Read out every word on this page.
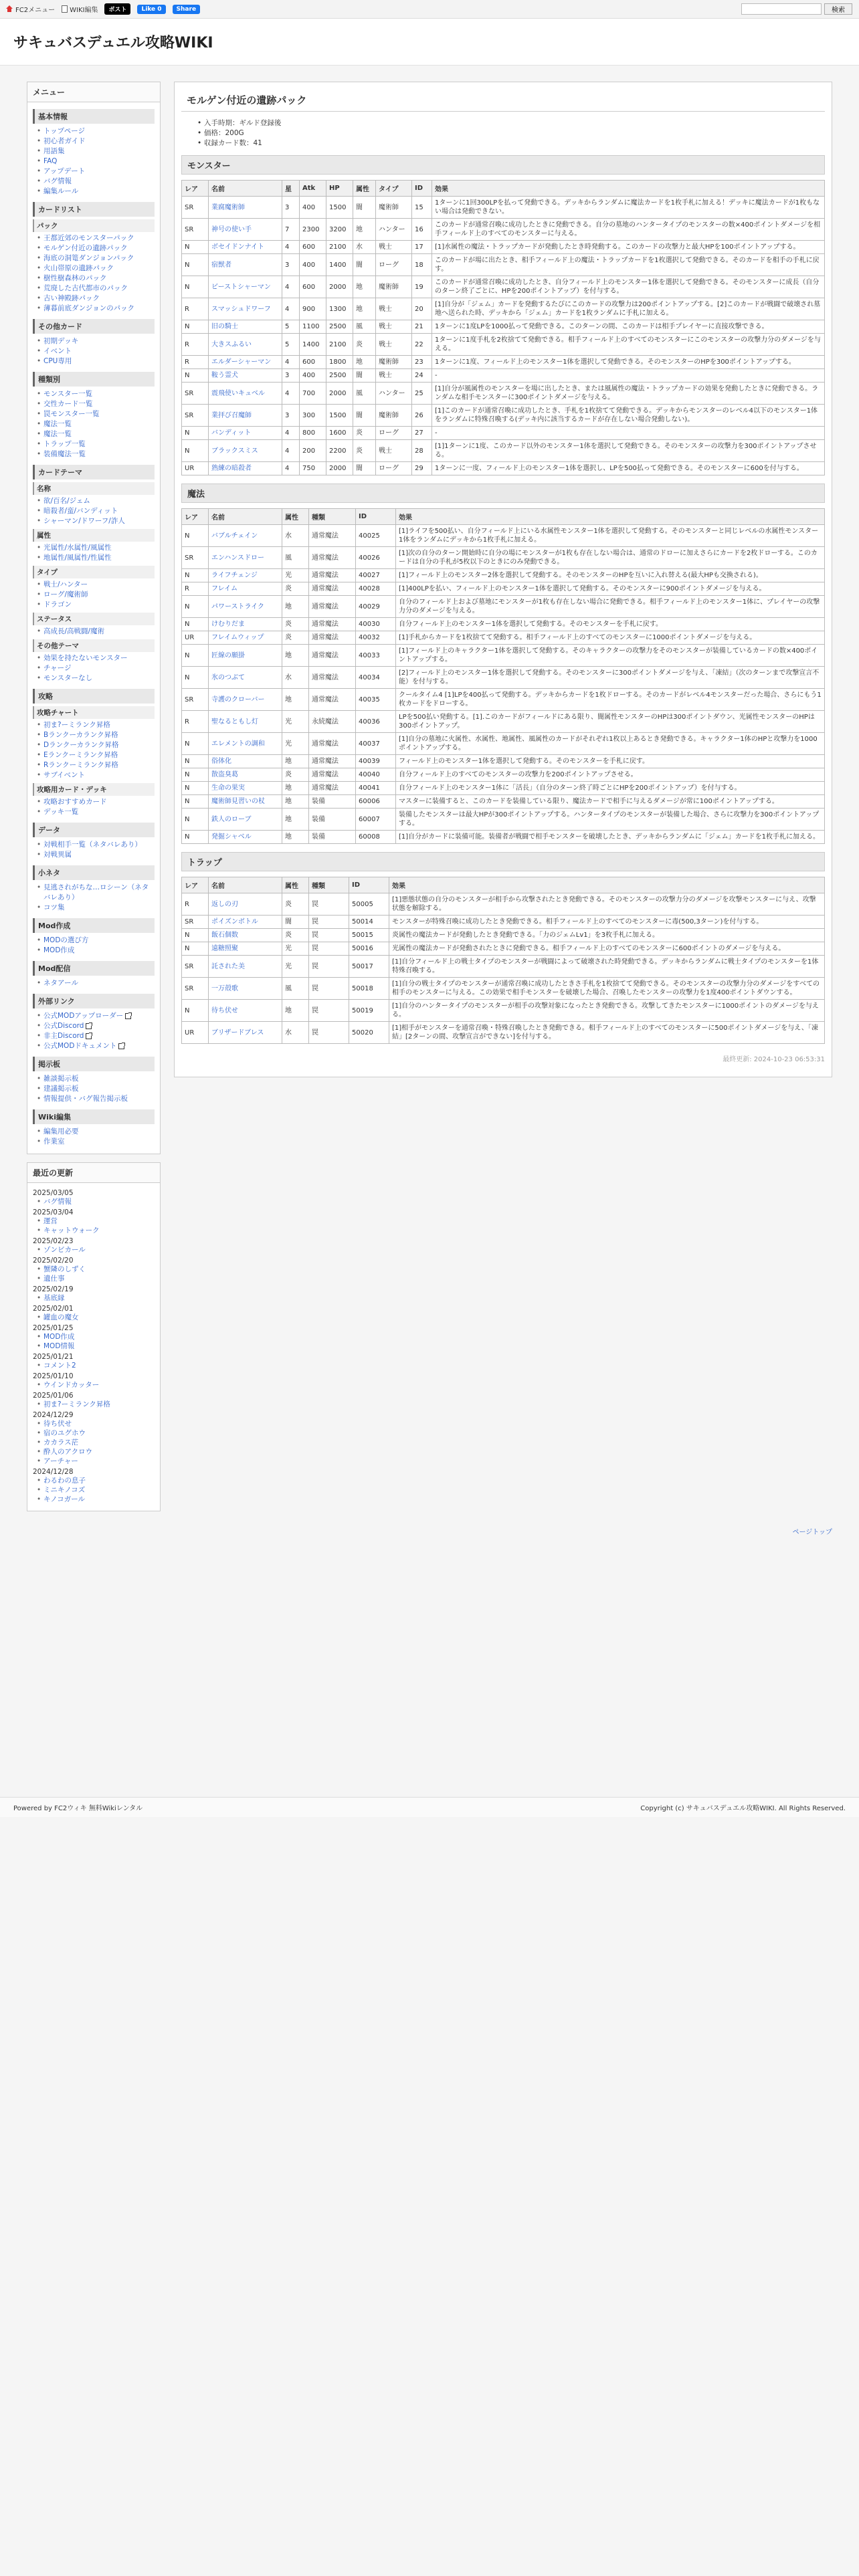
FC2メニュー WIKI編集	ポスト	Like 0	Share	検索
サキュバスデュエル攻略WIKI
メニュー
基本情報
• トップページ
• 初心者ガイド
• 用語集
• FAQ
• アップデート
• バグ情報
• 編集ルール
カードリスト
パック
• 王都近郊のモンスターパック
• モルゲン付近の遺跡パック
• 海底の洞篭ダンジョンパック
• 火山帯原の遺跡パック
• 樹性樹森林のパック
• 荒廃した古代都市のパック
• 古い神殿跡パック
• 薄暮前底ダンジョンのパック
その他カード
• 初期デッキ
• イベント
• CPU専用
種類別
• モンスター一覧
• 交性カード一覧
• 罠モンスター一覧
• 魔法一覧
• 魔法一覧
• トラップ一覧
• 装備魔法一覧
カードテーマ
名称
• 欲/百名/ジェム
• 暗殺者/蛮/バンディット
• シャーマン/ドワーフ/詐人
属性
• 光属性/水属性/風属性
• 地属性/風属性/性属性
タイプ
• 戦士/ハンター
• ローグ/魔術師
• ドラゴン
ステータス
• 高成長/高戦闘/魔術
その他テーマ
• 効果を持たないモンスター
• チャージ
• モンスターなし
攻略
攻略チャート
• 初ま?ーミランク昇格
• Bランクーカランク昇格
• Dランクーカランク昇格
• Eランクーミランク昇格
• Rランクーミランク昇格
• サブイベント
攻略用カード・デッキ
• 攻略おすすめカード
• デッキ一覧
データ
• 対戦相手一覧（ネタバレあり）
• 対戦異属
小ネタ
• 見逃されがちな…ロシーン（ネタバレあり）
• コツ集
Mod作成
• MODの選び方
• MOD作成
Mod配信
• ネタアール
外部リンク
• 公式MODアップローダー
• 公式Discord
• 非主Discord
• 公式MODドキュメント
掲示板
• 雑談掲示板
• 建議掲示板
• 情報提供・バグ報告掲示板
Wiki編集
• 編集用必要
• 作業室
最近の更新
2025/03/05
• バグ情報
2025/03/04
• 運営
• キャットウォーク
2025/02/23
• ゾンビカール
2025/02/20
• 蟹隣のしずく
• 遺仕事
2025/02/19
• 基底縁
2025/02/01
• 罐血の魔女
2025/01/25
• MOD作成
• MOD情報
2025/01/21
• コメント2
2025/01/10
• ウインドカッター
2025/01/06
• 初ま?ーミランク昇格
2024/12/29
• 待ち伏せ
• 宿のユグホウ
• カカラス茫
• 酔人のアクロウ
• アーチャー
2024/12/28
• わるわの息子
• ミニキノコズ
• キノコガール
モルゲン付近の遺跡パック
• 入手時期：ギルド登録後
• 価格：200G
• 収録カード数：41
モンスター
レア	名前	星	Atk	HP	属性	タイプ	ID	効果
SR	業腐魔術師	3	400	1500	闇	魔術師	15	1ターンに1回300LPを払って発動できる。デッキからランダムに魔法カードを1枚手札に加える！デッキに魔法カードが1枚もない場合は発動できない。
SR	神号の使い手	7	2300	3200	地	ハンター	16	このカードが通常召喚に成功したときに発動できる。自分の墓地のハンタータイプのモンスターの数×400ポイントダメージを相手フィールド上のすべてのモンスターに与える。
N	ボセイドンナイト	4	600	2100	水	戦士	17	[1]水属性の魔法・トラップカードが発動したとき時発動する。このカードの攻撃力と最大HPを100ポイントアップする。
N	宿獣者	3	400	1400	闇	ローグ	18	このカードが場に出たとき、相手フィールド上の魔法・トラップカードを1枚選択して発動できる。そのカードを相手の手札に戻す。
N	ビーストシャーマン	4	600	2000	地	魔術師	19	このカードが通常召喚に成功したとき、自分フィールド上のモンスター1体を選択して発動できる。そのモンスターに成長（自分のターン終了ごとに、HPを200ポイントアップ）を付与する。
R	スマッシュドワーフ	4	900	1300	地	戦士	20	[1]自分が「ジェム」カードを発動するたびにこのカードの攻撃力は200ポイントアップする。[2]このカードが戦闘で破壊され墓地へ送られた時、デッキから「ジェム」カードを1枚ランダムに手札に加える。
N	旧の騎士	5	1100	2500	風	戦士	21	1ターンに1度LPを1000払って発動できる。このターンの間、このカードは相手プレイヤーに直接攻撃できる。
R	大きスふるい	5	1400	2100	炎	戦士	22	1ターンに1度手札を2枚捨てて発動できる。相手フィールド上のすべてのモンスターにこのモンスターの攻撃力分のダメージを与える。
R	エルダーシャーマン	4	600	1800	地	魔術師	23	1ターンに1度、フィールド上のモンスター1体を選択して発動できる。そのモンスターのHPを300ポイントアップする。
N	鞍う霊犬	3	400	2500	闇	戦士	24	-
SR	震飛使いキュベル	4	700	2000	風	ハンター	25	[1]自分が風属性のモンスターを場に出したとき、または風属性の魔法・トラップカードの効果を発動したときに発動できる。ランダムな相手モンスターに300ポイントダメージを与える。
SR	業拝び召魔師	3	300	1500	闇	魔術師	26	[1]このカードが通常召喚に成功したとき、手札を1枚捨てて発動できる。デッキからモンスターのレベル4以下のモンスター1体をランダムに特殊召喚する(デッキ内に該当するカードが存在しない場合発動しない)。
N	バンディット	4	800	1600	炎	ローグ	27	-
N	ブラックスミス	4	200	2200	炎	戦士	28	[1]1ターンに1度、このカード以外のモンスター1体を選択して発動できる。そのモンスターの攻撃力を300ポイントアップさせる。
UR	熟練の暗殺者	4	750	2000	闇	ローグ	29	1ターンに一度、フィールド上のモンスター1体を選択し、LPを500払って発動できる。そのモンスターに600を付与する。
魔法
レア	名前	属性	種類	ID	効果
N	バブルチェイン	水	通常魔法	40025	[1]ライフを500払い、自分フィールド上にいる水属性モンスター1体を選択して発動する。そのモンスターと同じレベルの水属性モンスター1体をランダムにデッキから1枚手札に加える。
SR	エンハンスドロー	風	通常魔法	40026	[1]次の自分のターン開始時に自分の場にモンスターが1枚も存在しない場合は、通常のドローに加えさらにカードを2枚ドローする。このカードは自分の手札が5枚以下のときにのみ発動できる。
N	ライフチェンジ	光	通常魔法	40027	[1]フィールド上のモンスター2体を選択して発動する。そのモンスターのHPを互いに入れ替える(最大HPも交換される)。
R	フレイム	炎	通常魔法	40028	[1]400LPを払い、フィールド上のモンスター1体を選択して発動する。そのモンスターに900ポイントダメージを与える。
N	パワーストライク	地	通常魔法	40029	自分のフィールド上および墓地にモンスターが1枚も存在しない場合に発動できる。相手フィールド上のモンスター1体に、プレイヤーの攻撃力分のダメージを与える。
N	けむりだま	炎	通常魔法	40030	自分フィールド上のモンスター1体を選択して発動する。そのモンスターを手札に戻す。
UR	フレイムウィップ	炎	通常魔法	40032	[1]手札からカードを1枚捨てて発動する。相手フィールド上のすべてのモンスターに1000ポイントダメージを与える。
N	匠線の願掛	地	通常魔法	40033	[1]フィールド上のキャラクター1体を選択して発動する。そのキャラクターの攻撃力をそのモンスターが装備しているカードの数×400ポイントアップする。
N	氷のつぶて	水	通常魔法	40034	[2]フィールド上のモンスター1体を選択して発動する。そのモンスターに300ポイントダメージを与え、「凍結」（次のターンまで攻撃宣言不能）を付与する。
SR	寺護のクローバー	地	通常魔法	40035	クールタイム4 [1]LPを400払って発動する。デッキからカードを1枚ドローする。そのカードがレベル4モンスターだった場合、さらにもう1枚カードをドローする。
R	聖なるともし灯	光	永続魔法	40036	LPを500払い発動する。[1].このカードがフィールドにある限り、闇属性モンスターのHPは300ポイントダウン、光属性モンスターのHPは300ポイントアップ。
N	エレメントの調和	光	通常魔法	40037	[1]自分の墓地に火属性、水属性、地属性、風属性のカードがそれぞれ1枚以上あるとき発動できる。キャラクター1体のHPと攻撃力を1000ポイントアップする。
N	俗体化	地	通常魔法	40039	フィールド上のモンスター1体を選択して発動する。そのモンスターを手札に戻す。
N	散盗臭葛	炎	通常魔法	40040	自分フィールド上のすべてのモンスターの攻撃力を200ポイントアップさせる。
N	生命の果実	地	通常魔法	40041	自分フィールド上のモンスター1体に「活長」（自分のターン終了時ごとにHPを200ポイントアップ）を付与する。
N	魔術師見習いの杖	地	装備	60006	マスターに装備すると、このカードを装備している限り、魔法カードで相手に与えるダメージが常に100ポイントアップする。
N	鉄人のローブ	地	装備	60007	装備したモンスターは最大HPが300ポイントアップする。ハンタータイプのモンスターが装備した場合、さらに攻撃力を300ポイントアップする。
N	発掘シャベル	地	装備	60008	[1]自分がカードに装備可能。装備者が戦闘で相手モンスターを破壊したとき、デッキからランダムに「ジェム」カードを1枚手札に加える。
トラップ
レア	名前	属性	種類	ID	効果
R	返しの刃	炎	罠	50005	[1]悪態状態の自分のモンスターが相手から攻撃されたとき発動できる。そのモンスターの攻撃力分のダメージを攻撃モンスターに与え、攻撃状態を解除する。
SR	ポイズンボトル	闇	罠	50014	モンスターが特殊召喚に成功したとき発動できる。相手フィールド上のすべてのモンスターに毒(500,3ターン)を付与する。
N	飯石個数	炎	罠	50015	炎属性の魔法カードが発動したとき発動できる。「力のジェムLv1」を3枚手札に加える。
N	遠糖照聚	光	罠	50016	光属性の魔法カードが発動されたときに発動できる。相手フィールド上のすべてのモンスターに600ポイントのダメージを与える。
SR	託された美	光	罠	50017	[1]自分フィールド上の戦士タイプのモンスターが戦闘によって破壊された時発動できる。デッキからランダムに戦士タイプのモンスターを1体特殊召喚する。
SR	一万殻歌	風	罠	50018	[1]自分の戦士タイプのモンスターが通常召喚に成功したときさ手札を1枚捨てて発動できる。そのモンスターの攻撃力分のダメージをすべての相手のモンスターに与える。この効果で相手モンスターを破壊した場合、召喚したモンスターの攻撃力を1度400ポイントダウンする。
N	待ち伏せ	地	罠	50019	[1]自分のハンタータイプのモンスターが相手の攻撃対象になったとき発動できる。攻撃してきたモンスターに1000ポイントのダメージを与える。
UR	ブリザードブレス	水	罠	50020	[1]相手がモンスターを通常召喚・特殊召喚したとき発動できる。相手フィールド上のすべてのモンスターに500ポイントダメージを与え、「凍結」[2ターンの間、攻撃宣言ができない]を付与する。
最終更新: 2024-10-23 06:53:31
ページトップ
Powered by FC2ウィキ 無料Wikiレンタル	Copyright (c) サキュバスデュエル攻略WIKI. All Rights Reserved.
